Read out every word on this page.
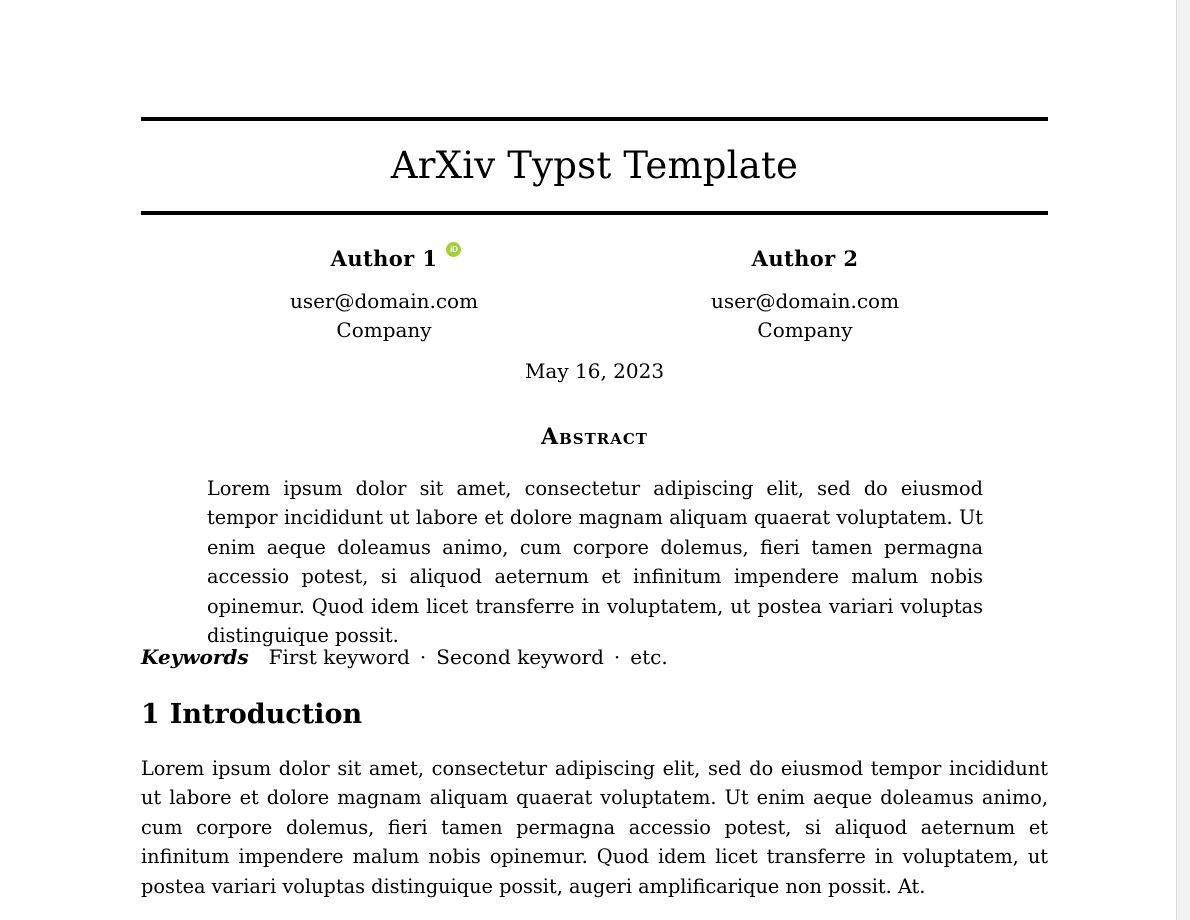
ArXiv Typst Template
Author 1	iD
user@domain.com
Company
Author 2
user@domain.com
Company
May 16, 2023
Abstract

Lorem ipsum dolor sit amet, consectetur adipiscing elit, sed do eiusmod tempor incididunt ut labore et dolore magnam aliquam quaerat voluptatem. Ut enim aeque doleamus animo, cum corpore dolemus, fieri tamen permagna accessio potest, si aliquod aeternum et infinitum impendere malum nobis opinemur. Quod idem licet transferre in voluptatem, ut postea variari voluptas distinguique possit.

Keywords First keyword · Second keyword · etc.
1 Introduction

Lorem ipsum dolor sit amet, consectetur adipiscing elit, sed do eiusmod tempor incididunt ut labore et dolore magnam aliquam quaerat voluptatem. Ut enim aeque doleamus animo, cum corpore dolemus, fieri tamen permagna accessio potest, si aliquod aeternum et infinitum impendere malum nobis opinemur. Quod idem licet transferre in voluptatem, ut postea variari voluptas distinguique possit, augeri amplificarique non possit. At.
